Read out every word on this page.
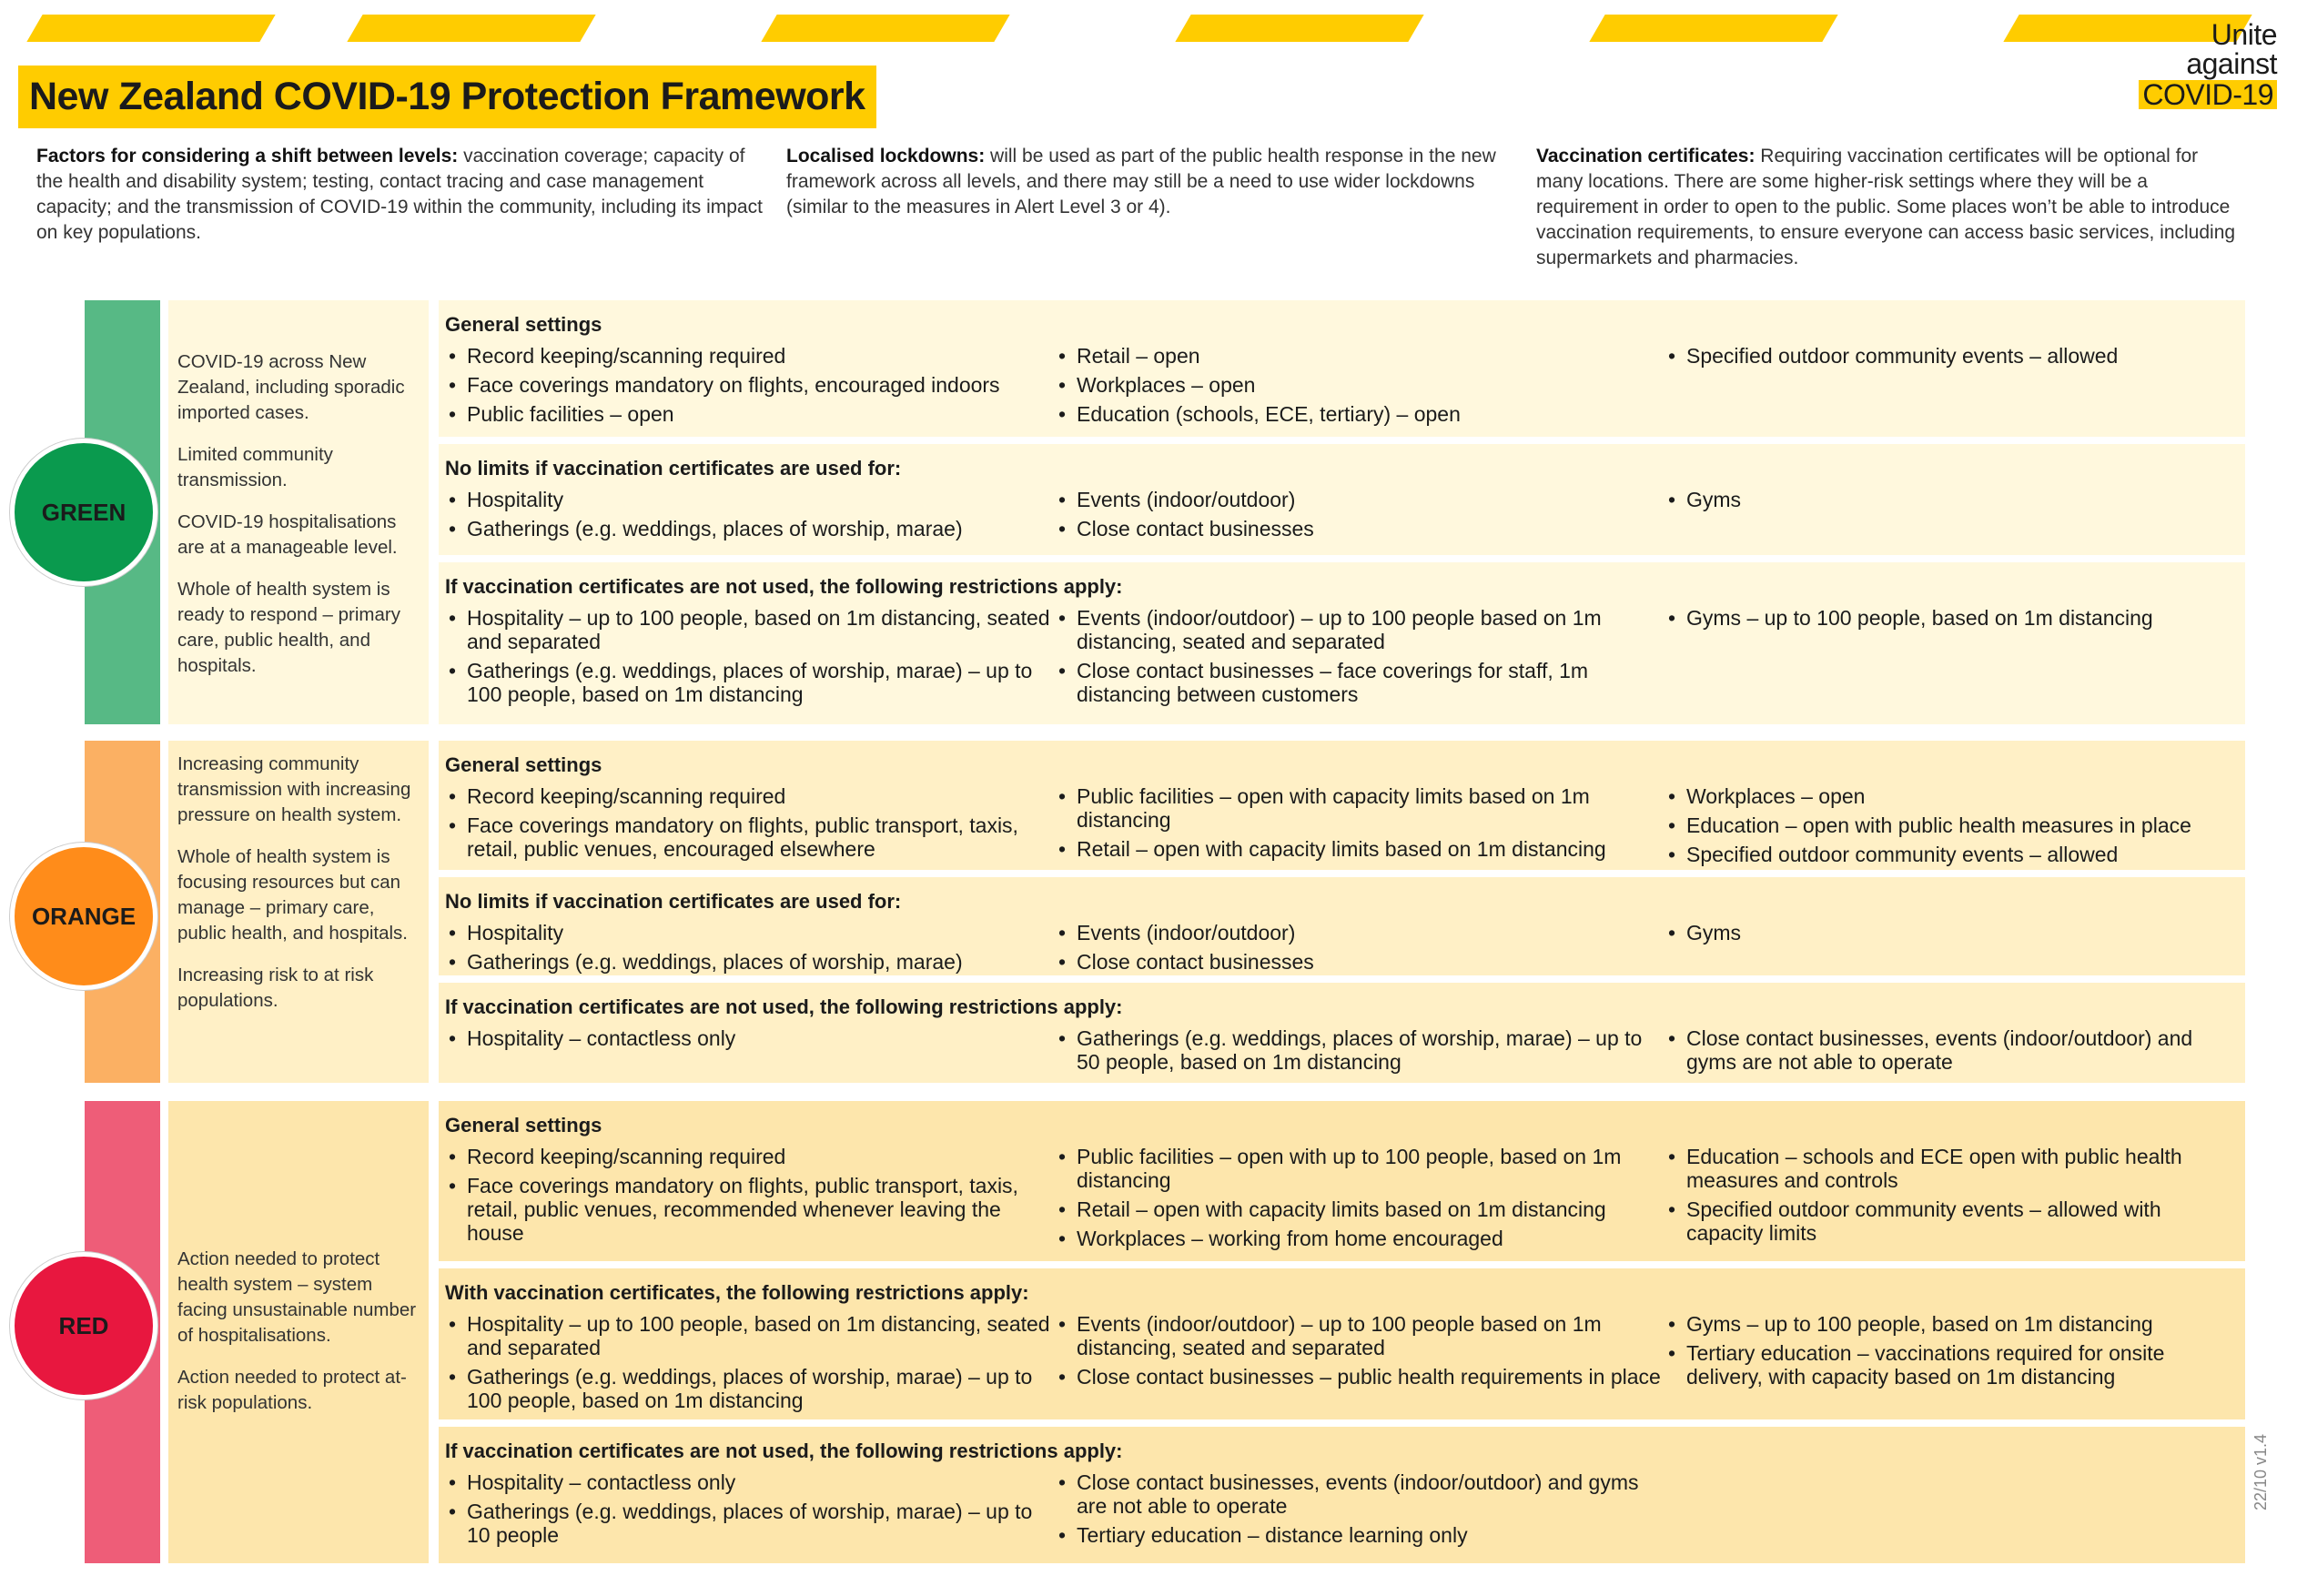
Unite
against
COVID-19
New Zealand COVID-19 Protection Framework
Factors for considering a shift between levels: vaccination coverage; capacity of the health and disability system; testing, contact tracing and case management capacity; and the transmission of COVID-19 within the community, including its impact on key populations.
Localised lockdowns: will be used as part of the public health response in the new framework across all levels, and there may still be a need to use wider lockdowns (similar to the measures in Alert Level 3 or 4).
Vaccination certificates: Requiring vaccination certificates will be optional for many locations. There are some higher-risk settings where they will be a requirement in order to open to the public. Some places won’t be able to introduce vaccination requirements, to ensure everyone can access basic services, including supermarkets and pharmacies.

COVID-19 across New Zealand, including sporadic imported cases.

Limited community transmission.

COVID-19 hospitalisations are at a manageable level.

Whole of health system is ready to respond – primary care, public health, and hospitals.

GREEN
General settings
• Record keeping/scanning required
• Face coverings mandatory on flights, encouraged indoors
• Public facilities – open
• Retail – open
• Workplaces – open
• Education (schools, ECE, tertiary) – open
• Specified outdoor community events – allowed
No limits if vaccination certificates are used for:
• Hospitality
• Gatherings (e.g. weddings, places of worship, marae)
• Events (indoor/outdoor)
• Close contact businesses
• Gyms
If vaccination certificates are not used, the following restrictions apply:
• Hospitality – up to 100 people, based on 1m distancing, seated and separated
• Gatherings (e.g. weddings, places of worship, marae) – up to 100 people, based on 1m distancing
• Events (indoor/outdoor) – up to 100 people based on 1m distancing, seated and separated
• Close contact businesses – face coverings for staff, 1m distancing between customers
• Gyms – up to 100 people, based on 1m distancing

Increasing community transmission with increasing pressure on health system.

Whole of health system is focusing resources but can manage – primary care, public health, and hospitals.

Increasing risk to at risk populations.

ORANGE
General settings
• Record keeping/scanning required
• Face coverings mandatory on flights, public transport, taxis, retail, public venues, encouraged elsewhere
• Public facilities – open with capacity limits based on 1m distancing
• Retail – open with capacity limits based on 1m distancing
• Workplaces – open
• Education – open with public health measures in place
• Specified outdoor community events – allowed
No limits if vaccination certificates are used for:
• Hospitality
• Gatherings (e.g. weddings, places of worship, marae)
• Events (indoor/outdoor)
• Close contact businesses
• Gyms
If vaccination certificates are not used, the following restrictions apply:
• Hospitality – contactless only
•	Gatherings (e.g. weddings, places of worship, marae) – up to 50 people, based on 1m distancing
• Close contact businesses, events (indoor/outdoor) and gyms are not able to operate

Action needed to protect health system – system facing unsustainable number of hospitalisations.

Action needed to protect at-risk populations.

RED
General settings
• Record keeping/scanning required
• Face coverings mandatory on flights, public transport, taxis, retail, public venues, recommended whenever leaving the house
• Public facilities – open with up to 100 people, based on 1m distancing
• Retail – open with capacity limits based on 1m distancing
• Workplaces – working from home encouraged
• Education – schools and ECE open with public health measures and controls
• Specified outdoor community events – allowed with capacity limits
With vaccination certificates, the following restrictions apply:
• Hospitality – up to 100 people, based on 1m distancing, seated and separated
• Gatherings (e.g. weddings, places of worship, marae) – up to 100 people, based on 1m distancing
• Events (indoor/outdoor) – up to 100 people based on 1m distancing, seated and separated
• Close contact businesses – public health requirements in place
• Gyms – up to 100 people, based on 1m distancing
• Tertiary education – vaccinations required for onsite delivery, with capacity based on 1m distancing
If vaccination certificates are not used, the following restrictions apply:
• Hospitality – contactless only
• Gatherings (e.g. weddings, places of worship, marae) – up to 10 people
• Close contact businesses, events (indoor/outdoor) and gyms are not able to operate
• Tertiary education – distance learning only
22/10 v1.4
